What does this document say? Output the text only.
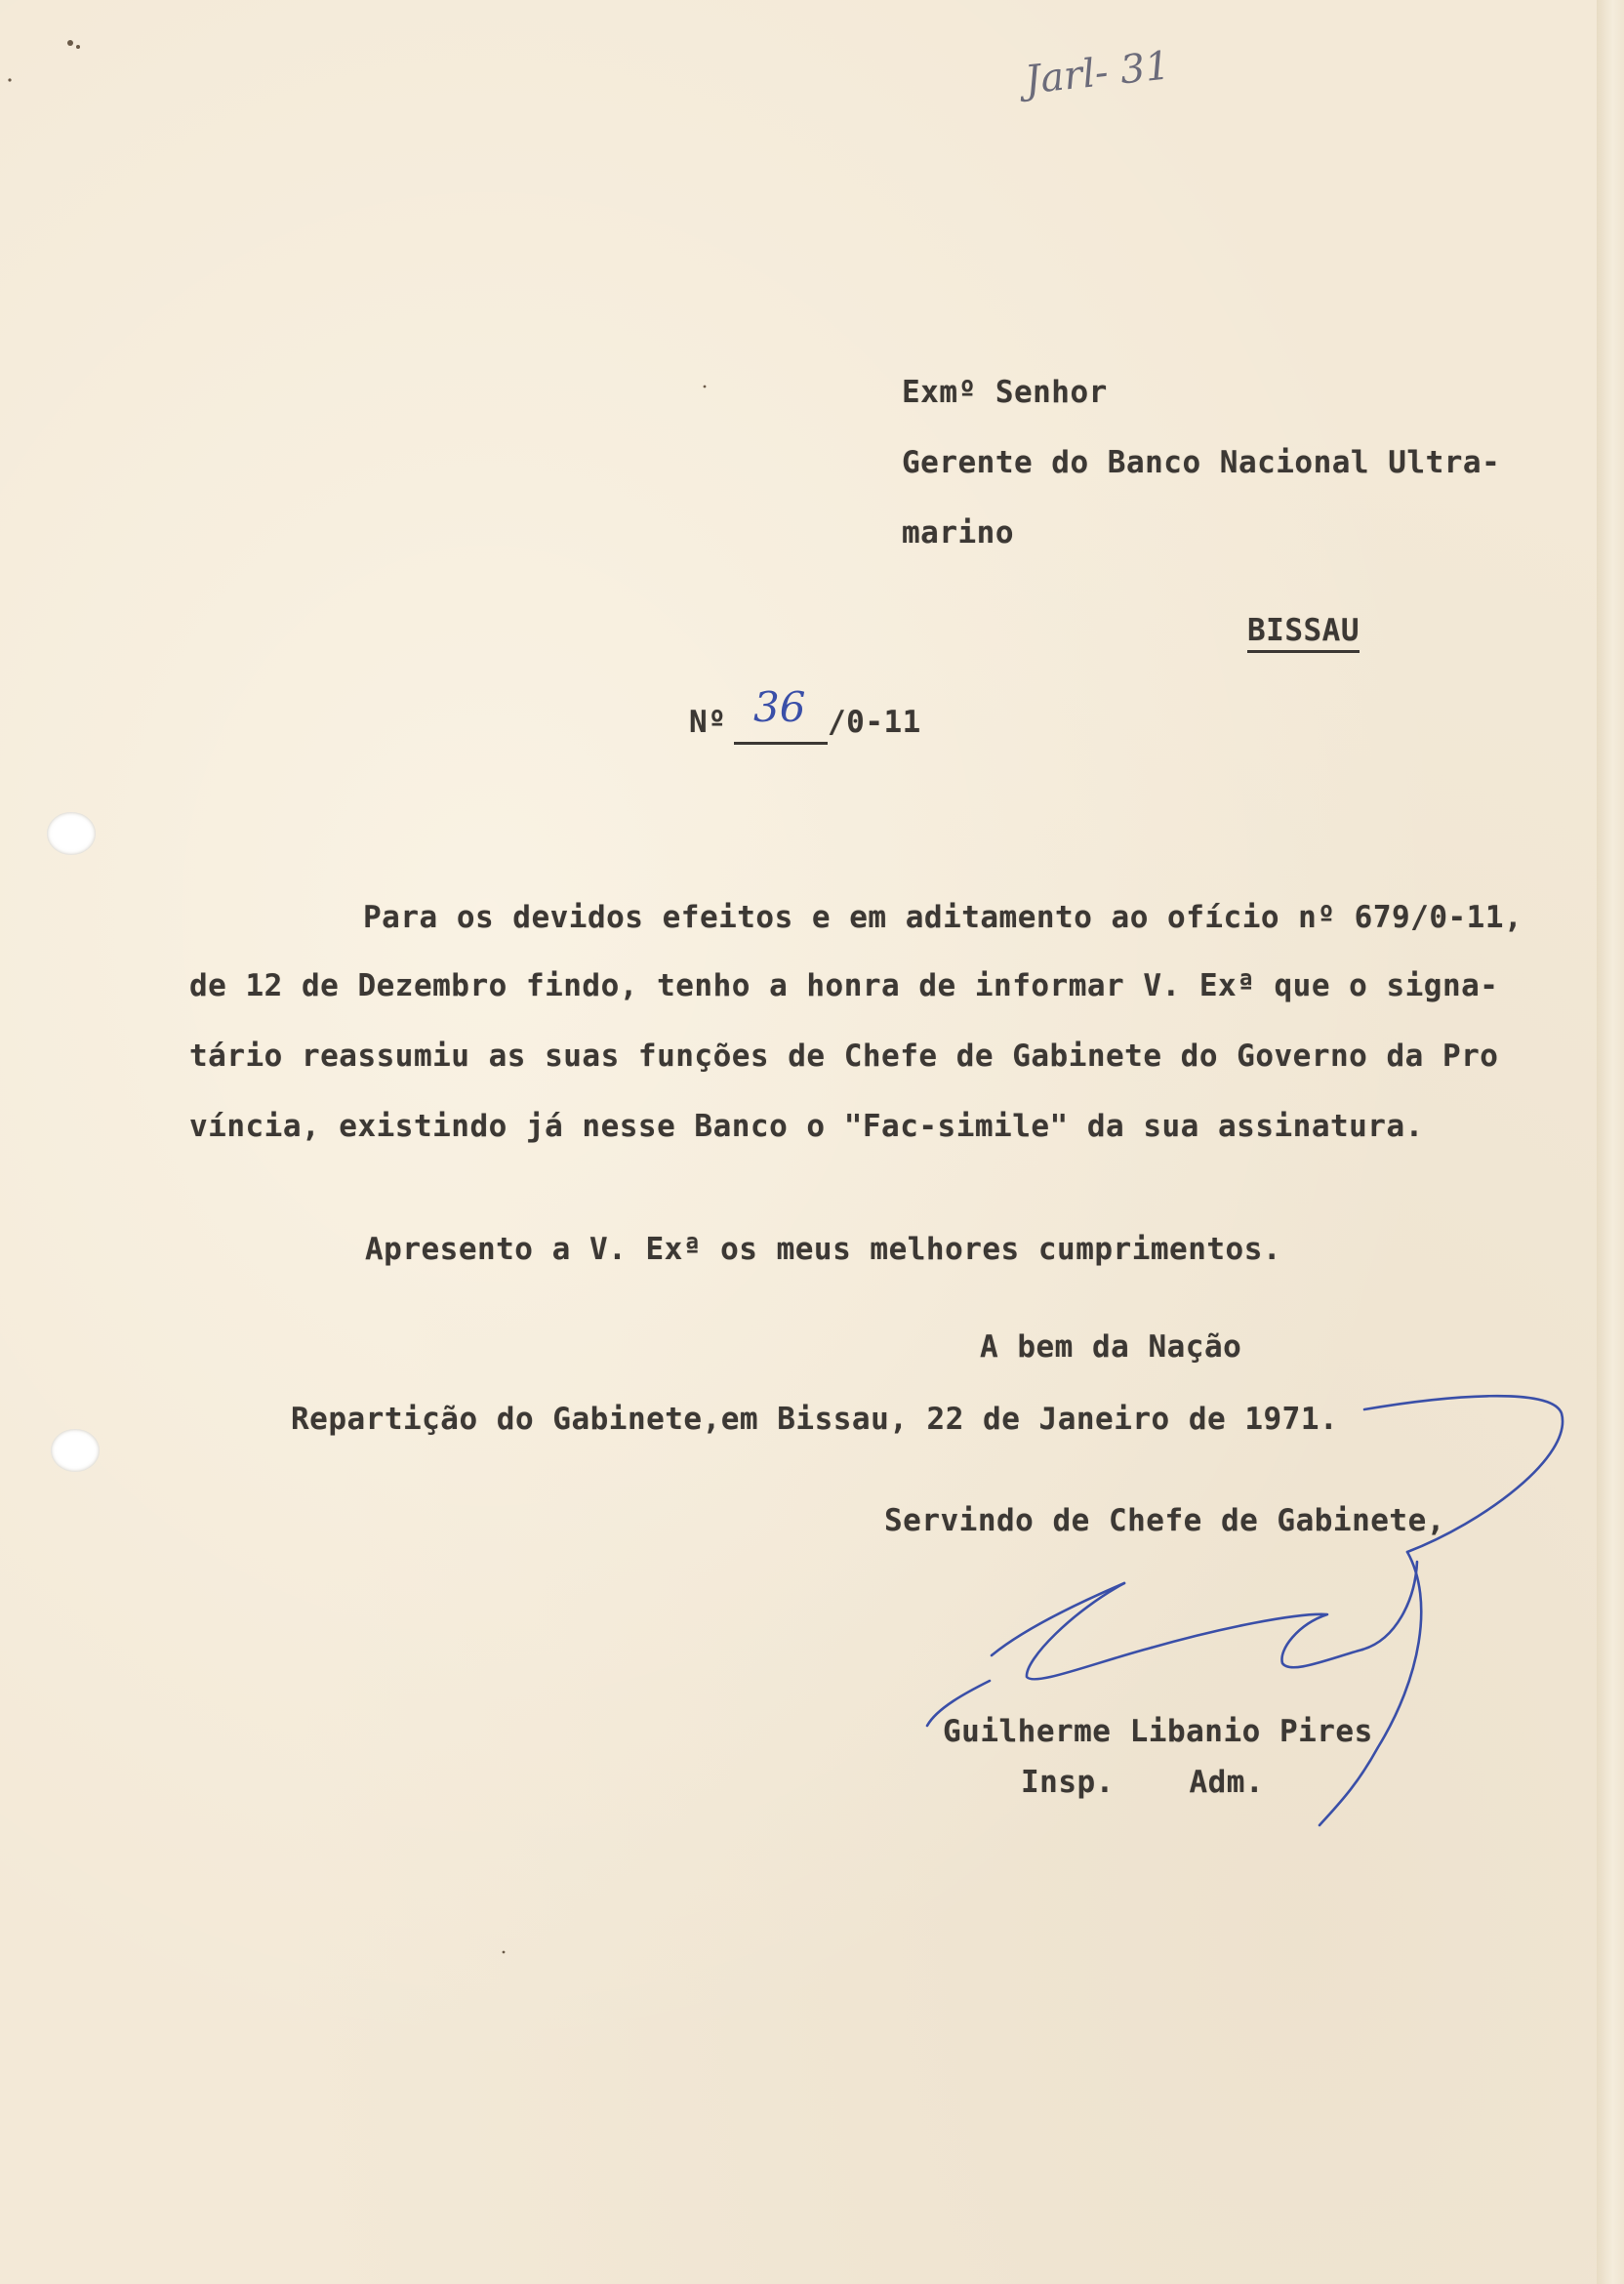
Jarl- 31
Exmº Senhor
Gerente do Banco Nacional Ultra-
marino
BISSAU
Nº 36 /0-11
Para os devidos efeitos e em aditamento ao ofício nº 679/0-11,
de 12 de Dezembro findo, tenho a honra de informar V. Exª que o signa-
tário reassumiu as suas funções de Chefe de Gabinete do Governo da Pro
víncia, existindo já nesse Banco o "Fac-simile" da sua assinatura.
Apresento a V. Exª os meus melhores cumprimentos.
A bem da Nação
Repartição do Gabinete,em Bissau, 22 de Janeiro de 1971.
Servindo de Chefe de Gabinete,
Guilherme Libanio Pires
Insp.    Adm.
